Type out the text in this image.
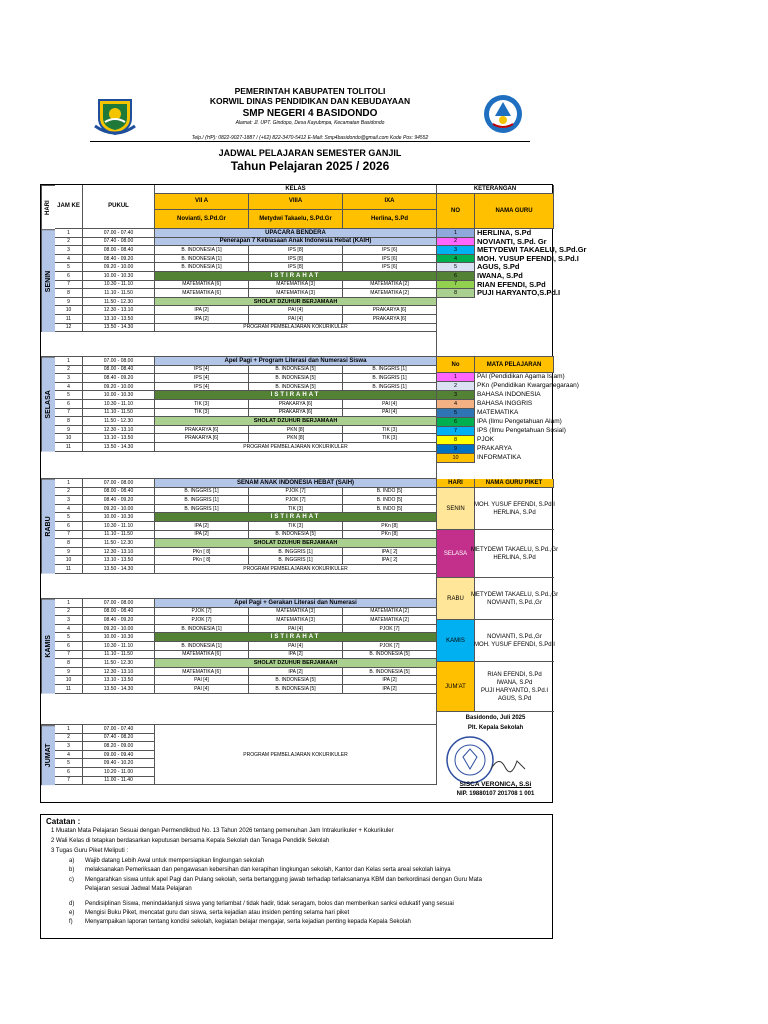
PEMERINTAH KABUPATEN TOLITOLI
KORWIL DINAS PENDIDIKAN DAN KEBUDAYAAN
SMP NEGERI 4 BASIDONDO
Alamat: Jl. UPT. Gindopo, Desa Kayubmpa, Kecamatan Basidondo
Telp./ (HP): 0822-9027-1887 / (+62) 822-3470-5412 E-Mail: Smp4basidondo@gmail.com Kode Pos: 94552
JADWAL PELAJARAN SEMESTER GANJIL
Tahun Pelajaran 2025 / 2026
HARI	JAM KE	PUKUL
KELAS
VII A
Novianti, S.Pd.Gr
VIIIA
Metydwi Takaelu, S.Pd.Gr
IXA
Herlina, S.Pd
KETERANGAN
NO	NAMA GURU
SENIN
1	07.00 - 07.40	UPACARA BENDERA
2	07.40 - 08.00	Penerapan 7 Kebiasaan Anak Indonesia Hebat (KAIH)
3	08.00 - 08.40	B. INDONESIA [1]	IPS [8]	IPS [6]
4	08.40 - 09.20	B. INDONESIA [1]	IPS [8]	IPS [6]
5	09.20 - 10.00	B. INDONESIA [1]	IPS [8]	IPS [6]
6	10.00 - 10.30	ISTIRAHAT
7	10.30 - 11.10	MATEMATIKA [6]	MATEMATIKA [3]	MATEMATIKA [2]
8	11.10 - 11.50	MATEMATIKA [6]	MATEMATIKA [3]	MATEMATIKA [2]
9	11.50 - 12.30	SHOLAT DZUHUR BERJAMAAH
10	12.30 - 13.10	IPA [2]	PAI [4]	PRAKARYA [6]
11	13.10 - 13.50	IPA [2]	PAI [4]	PRAKARYA [6]
12	13.50 - 14.30	PROGRAM PEMBELAJARAN KOKURIKULER
SELASA
1	07.00 - 08.00	Apel Pagi + Program Literasi dan Numerasi Siswa
2	08.00 - 08.40	IPS [4]	B. INDONESIA [5]	B. INGGRIS [1]
3	08.40 - 09.20	IPS [4]	B. INDONESIA [5]	B. INGGRIS [1]
4	09.20 - 10.00	IPS [4]	B. INDONESIA [5]	B. INGGRIS [1]
5	10.00 - 10.30	ISTIRAHAT
6	10.30 - 11.10	TIK [3]	PRAKARYA [6]	PAI [4]
7	11.10 - 11.50	TIK [3]	PRAKARYA [6]	PAI [4]
8	11.50 - 12.30	SHOLAT DZUHUR BERJAMAAH
9	12.30 - 13.10	PRAKARYA [6]	PKN [8]	TIK [3]
10	13.10 - 13.50	PRAKARYA [6]	PKN [8]	TIK [3]
11	13.50 - 14.30	PROGRAM PEMBELAJARAN KOKURIKULER
RABU
1	07.00 - 08.00	SENAM ANAK INDONESIA HEBAT (SAIH)
2	08.00 - 08.40	B. INGGRIS [1]	PJOK [7]	B. INDO [5]
3	08.40 - 09.20	B. INGGRIS [1]	PJOK [7]	B. INDO [5]
4	09.20 - 10.00	B. INGGRIS [1]	TIK [3]	B. INDO [5]
5	10.00 - 10.30	ISTIRAHAT
6	10.30 - 11.10	IPA [2]	TIK [3]	PKn [8]
7	11.10 - 11.50	IPA [2]	B. INDONESIA [5]	PKn [8]
8	11.50 - 12.30	SHOLAT DZUHUR BERJAMAAH
9	12.30 - 13.10	PKn [ 8]	B. INGGRIS [1]	IPA [ 2]
10	13.10 - 13.50	PKn [ 8]	B. INGGRIS [1]	IPA [ 2]
11	13.50 - 14.30	PROGRAM PEMBELAJARAN KOKURIKULER
KAMIS
1	07.00 - 08.00	Apel Pagi + Gerakan Literasi dan Numerasi
2	08.00 - 08.40	PJOK [7]	MATEMATIKA [3]	MATEMATIKA [2]
3	08.40 - 09.20	PJOK [7]	MATEMATIKA [3]	MATEMATIKA [2]
4	09.20 - 10.00	B. INDONESIA [1]	PAI [4]	PJOK [7]
5	10.00 - 10.30	ISTIRAHAT
6	10.30 - 11.10	B. INDONESIA [1]	PAI [4]	PJOK [7]
7	11.10 - 11.50	MATEMATIKA [6]	IPA [2]	B. INDONESIA [5]
8	11.50 - 12.30	SHOLAT DZUHUR BERJAMAAH
9	12.30 - 13.10	MATEMATIKA [6]	IPA [2]	B. INDONESIA [5]
10	13.10 - 13.50	PAI [4]	B. INDONESIA [5]	IPA [2]
11	13.50 - 14.30	PAI [4]	B. INDONESIA [5]	IPA [2]
JUMAT
1	07.00 - 07.40
2	07.40 - 08.20
3	08.20 - 09.00
4	09.00 - 09.40
5	09.40 - 10.20
6	10.20 - 11.00
7	11.00 - 11.40
PROGRAM PEMBELAJARAN KOKURIKULER
1	HERLINA, S.Pd
2	NOVIANTI, S.Pd. Gr
3	METYDEWI TAKAELU, S.Pd.Gr
4	MOH. YUSUP EFENDI, S.Pd.I
5	AGUS, S.Pd
6	IWANA, S.Pd
7	RIAN EFENDI, S.Pd
8	PUJI HARYANTO,S.Pd.I
No	MATA PELAJARAN
1	PAI (Pendidikan Agama Islam)
2	PKn (Pendidikan Kwarganegaraan)
3	BAHASA INDONESIA
4	BAHASA INGGRIS
5	MATEMATIKA
6	IPA (Ilmu Pengetahuan Alam)
7	IPS (Ilmu Pengetahuan Sosial)
8	PJOK
9	PRAKARYA
10	INFORMATIKA
HARI	NAMA GURU PIKET
SENIN
MOH. YUSUF EFENDI, S.Pd.I
HERLINA, S.Pd
SELASA
METYDEWI TAKAELU, S.Pd.,Gr
HERLINA, S.Pd
RABU
METYDEWI TAKAELU, S.Pd.,Gr
NOVIANTI, S.Pd.,Gr
KAMIS
NOVIANTI, S.Pd.,Gr
MOH. YUSUF EFENDI, S.Pd.I
JUM'AT
RIAN EFENDI, S.Pd
IWANA, S.Pd
PUJI HARYANTO, S.Pd.I
AGUS, S.Pd
Basidondo, Juli 2025
Plt. Kepala Sekolah
SISCA VERONICA, S.Si
NIP. 19880107 201708 1 001
Catatan :
1 Muatan Mata Pelajaran Sesuai dengan Permendikbud No. 13 Tahun 2026 tentang pemenuhan Jam Intrakurikuler + Kokurikuler
2 Wali Kelas di tetapkan berdasarkan keputusan bersama Kepala Sekolah dan Tenaga Pendidik Sekolah
3 Tugas Guru Piket Meliputi :
a) Wajib datang Lebih Awal untuk mempersiapkan lingkungan sekolah
b) melaksanakan Pemeriksaan dan pengawasan kebersihan dan kerapihan lingkungan sekolah, Kantor dan Kelas serta areal sekolah lainya
c) Mengarahkan siswa untuk apel Pagi dan Pulang sekolah, serta bertanggung jawab terhadap terlaksananya KBM dan berkordinasi dengan Guru Mata
d) Pendisiplinan Siswa, menindaklanjuti siswa yang terlambat / tidak hadir, tidak seragam, bolos dan memberikan sanksi edukatif yang sesuai
e) Mengisi Buku Piket, mencatat guru dan siswa, serta kejadian atau insiden penting selama hari piket
f) Menyampaikan laporan tentang kondisi sekolah, kegiatan belajar mengajar, serta kejadian penting kepada Kepala Sekolah
Pelajaran sesuai Jadwal Mata Pelajaran
